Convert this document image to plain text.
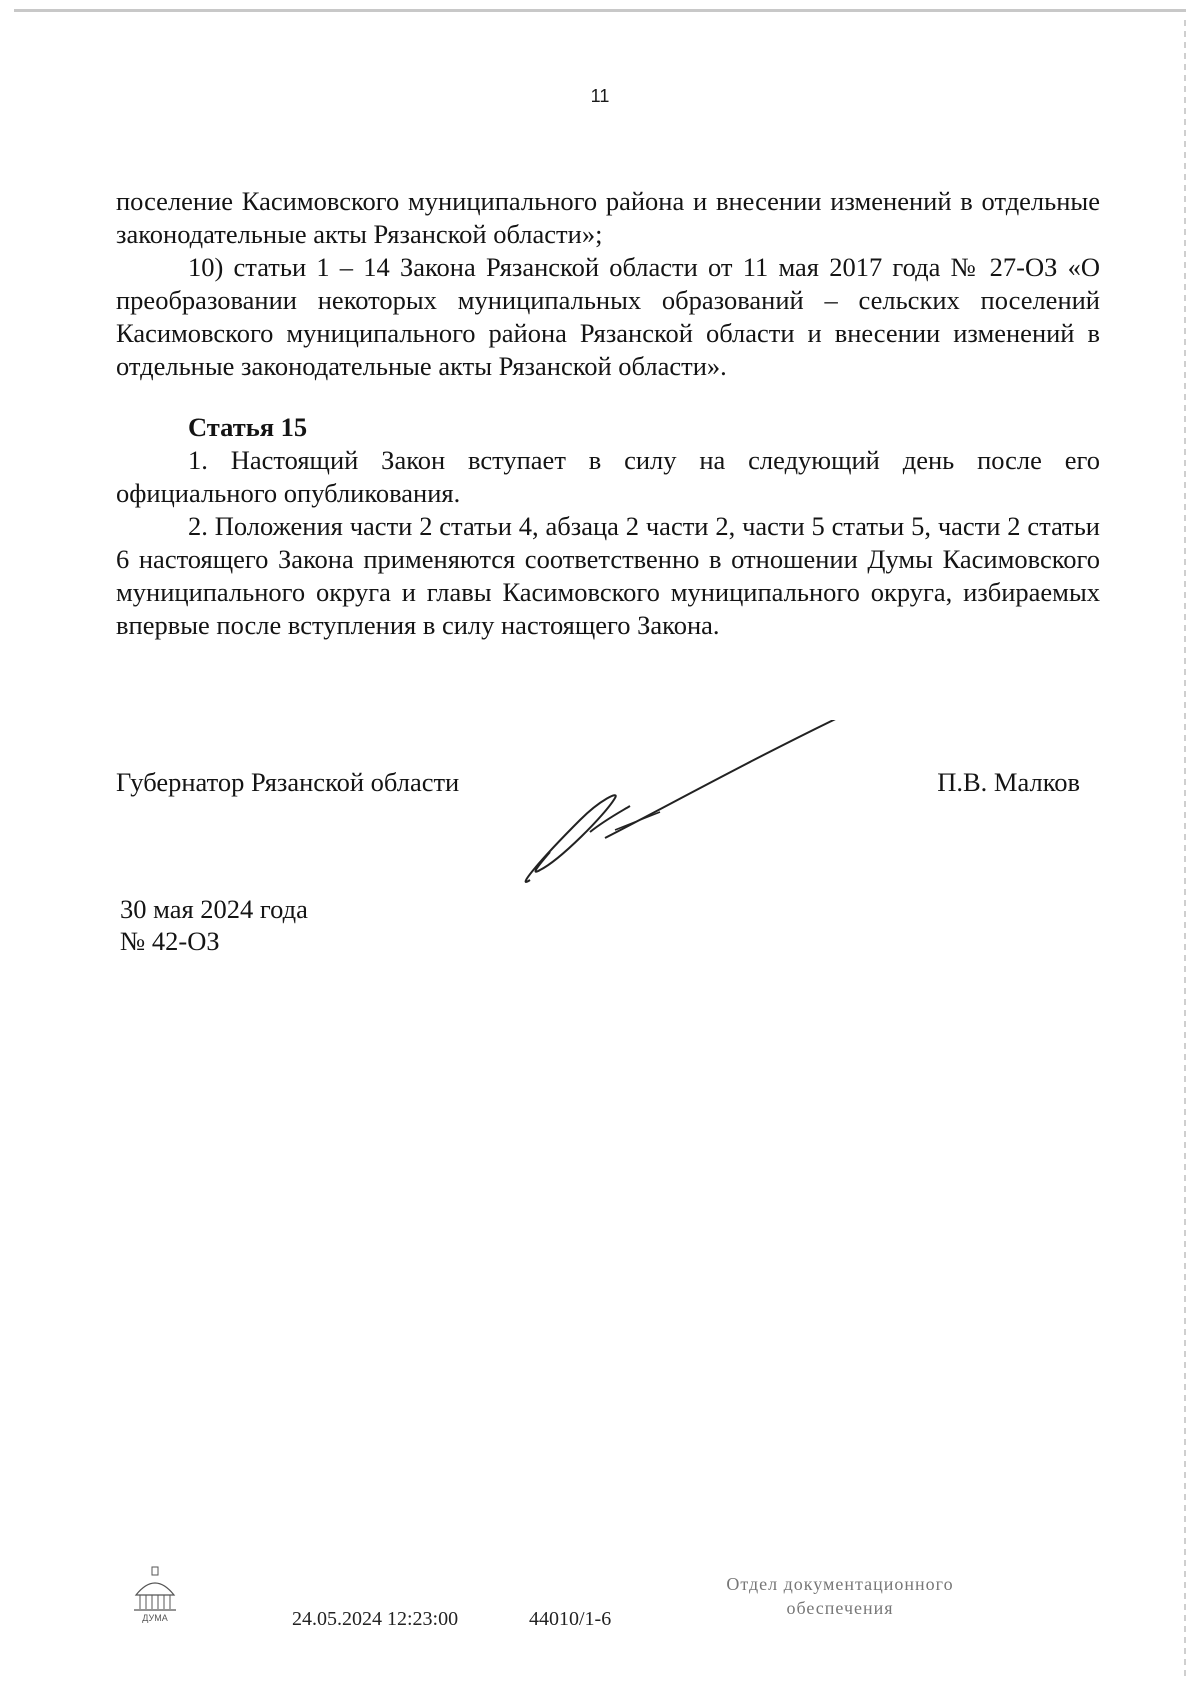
11

поселение Касимовского муниципального района и внесении изменений в отдельные законодательные акты Рязанской области»;

10) статьи 1 – 14 Закона Рязанской области от 11 мая 2017 года № 27-ОЗ «О преобразовании некоторых муниципальных образований – сельских поселений Касимовского муниципального района Рязанской области и внесении изменений в отдельные законодательные акты Рязанской области».

Статья 15

1. Настоящий Закон вступает в силу на следующий день после его официального опубликования.

2. Положения части 2 статьи 4, абзаца 2 части 2, части 5 статьи 5, части 2 статьи 6 настоящего Закона применяются соответственно в отношении Думы Касимовского муниципального округа и главы Касимовского муниципального округа, избираемых впервые после вступления в силу настоящего Закона.

Губернатор Рязанской области	П.В. Малков
30 мая 2024 года
№ 42-ОЗ
ДУМА	24.05.2024 12:23:00	44010/1-6
Отдел документационного
обеспечения
